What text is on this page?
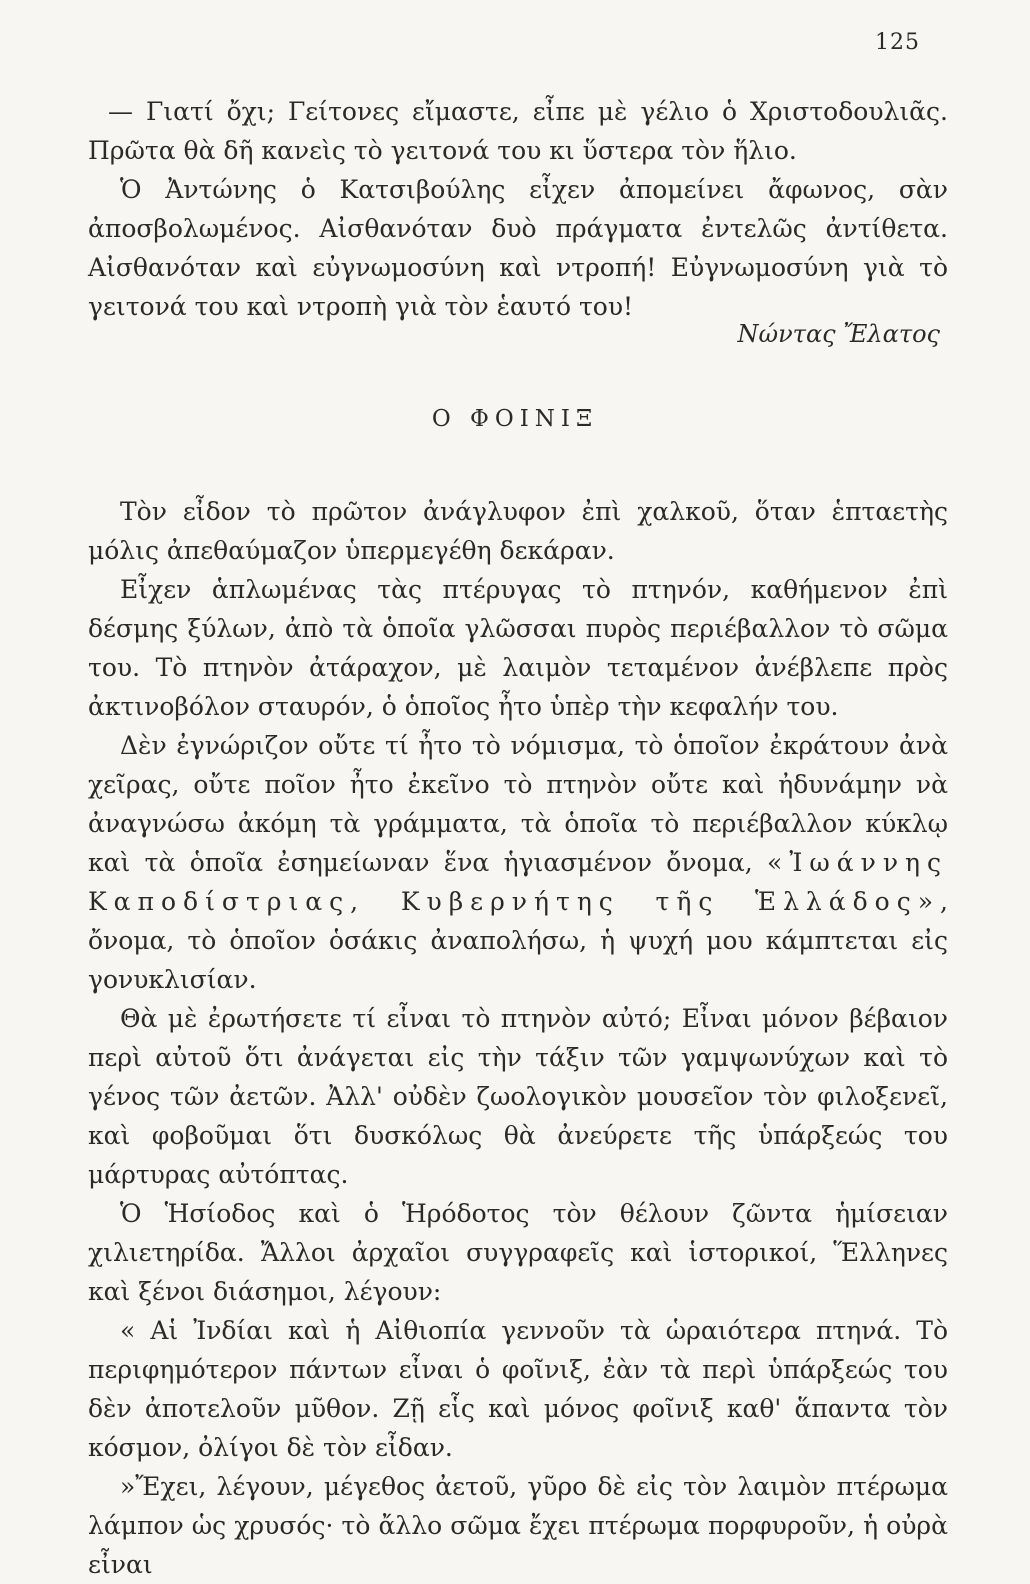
125

— Γιατί ὄχι; Γείτονες εἴμαστε, εἶπε μὲ γέλιο ὁ Χριστοδουλιᾶς. Πρῶτα θὰ δῆ κανεὶς τὸ γειτονά του κι ὕστερα τὸν ἥλιο.

Ὁ Ἀντώνης ὁ Κατσιβούλης εἶχεν ἀπομείνει ἄφωνος, σὰν ἀποσβολωμένος. Αἰσθανόταν δυὸ πράγματα ἐντελῶς ἀντίθετα. Αἰσθανόταν καὶ εὐγνωμοσύνη καὶ ντροπή! Εὐγνωμοσύνη γιὰ τὸ γειτονά του καὶ ντροπὴ γιὰ τὸν ἑαυτό του!

Νώντας Ἔλατος
Ο ΦΟΙΝΙΞ

Τὸν εἶδον τὸ πρῶτον ἀνάγλυφον ἐπὶ χαλκοῦ, ὅταν ἑπταετὴς μόλις ἀπεθαύμαζον ὑπερμεγέθη δεκάραν.

Εἶχεν ἁπλωμένας τὰς πτέρυγας τὸ πτηνόν, καθήμενον ἐπὶ δέσμης ξύλων, ἀπὸ τὰ ὁποῖα γλῶσσαι πυρὸς περιέβαλλον τὸ σῶμα του. Τὸ πτηνὸν ἀτάραχον, μὲ λαιμὸν τεταμένον ἀνέβλεπε πρὸς ἀκτινοβόλον σταυρόν, ὁ ὁποῖος ἦτο ὑπὲρ τὴν κεφαλήν του.

Δὲν ἐγνώριζον οὔτε τί ἦτο τὸ νόμισμα, τὸ ὁποῖον ἐκράτουν ἀνὰ χεῖρας, οὔτε ποῖον ἦτο ἐκεῖνο τὸ πτηνὸν οὔτε καὶ ἠδυνάμην νὰ ἀναγνώσω ἀκόμη τὰ γράμματα, τὰ ὁποῖα τὸ περιέβαλλον κύκλῳ καὶ τὰ ὁποῖα ἐσημείωναν ἕνα ἡγιασμένον ὄνομα, «Ἰωάννης Καποδίστριας, Κυβερνήτης τῆς Ἑλλάδος», ὄνομα, τὸ ὁποῖον ὁσάκις ἀναπολήσω, ἡ ψυχή μου κάμπτεται εἰς γονυκλισίαν.

Θὰ μὲ ἐρωτήσετε τί εἶναι τὸ πτηνὸν αὐτό; Εἶναι μόνον βέβαιον περὶ αὐτοῦ ὅτι ἀνάγεται εἰς τὴν τάξιν τῶν γαμψωνύχων καὶ τὸ γένος τῶν ἀετῶν. Ἀλλ' οὐδὲν ζωολογικὸν μουσεῖον τὸν φιλοξενεῖ, καὶ φοβοῦμαι ὅτι δυσκόλως θὰ ἀνεύρετε τῆς ὑπάρξεώς του μάρτυρας αὐτόπτας.

Ὁ Ἡσίοδος καὶ ὁ Ἡρόδοτος τὸν θέλουν ζῶντα ἡμίσειαν χιλιετηρίδα. Ἄλλοι ἀρχαῖοι συγγραφεῖς καὶ ἱστορικοί, Ἕλληνες καὶ ξένοι διάσημοι, λέγουν:

« Αἱ Ἰνδίαι καὶ ἡ Αἰθιοπία γεννοῦν τὰ ὡραιότερα πτηνά. Τὸ περιφημότερον πάντων εἶναι ὁ φοῖνιξ, ἐὰν τὰ περὶ ὑπάρξεώς του δὲν ἀποτελοῦν μῦθον. Ζῇ εἷς καὶ μόνος φοῖνιξ καθ' ἅπαντα τὸν κόσμον, ὀλίγοι δὲ τὸν εἶδαν.

»Ἔχει, λέγουν, μέγεθος ἀετοῦ, γῦρο δὲ εἰς τὸν λαιμὸν πτέρωμα λάμπον ὡς χρυσός· τὸ ἄλλο σῶμα ἔχει πτέρωμα πορφυροῦν, ἡ οὐρὰ εἶναι
